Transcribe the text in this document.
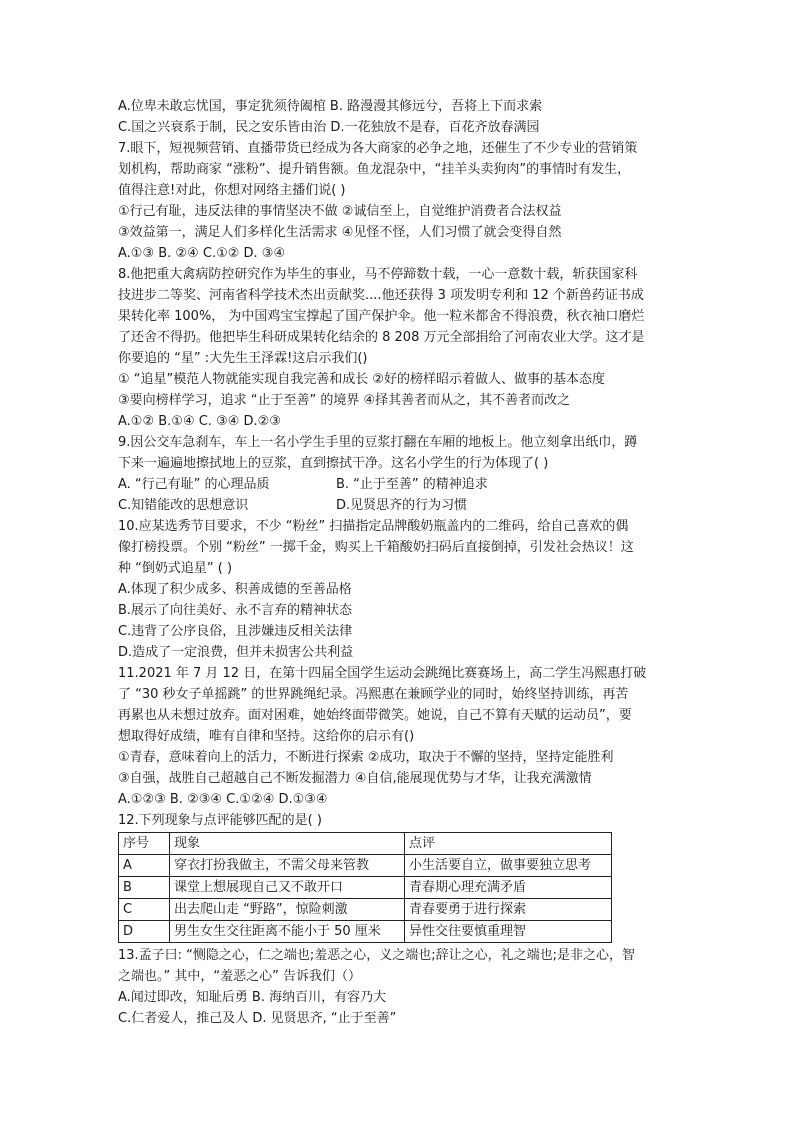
A.位卑未敢忘忧国，事定犹须待阖棺 B. 路漫漫其修远兮，吾将上下而求索
C.国之兴衰系于制，民之安乐皆由治 D.一花独放不是春，百花齐放春满园
7.眼下，短视频营销、直播带货已经成为各大商家的必争之地，还催生了不少专业的营销策
划机构，帮助商家 “涨粉”、提升销售额。鱼龙混杂中，“挂羊头卖狗肉”的事情时有发生，
值得注意!对此，你想对网络主播们说( )
①行己有耻，违反法律的事情坚决不做 ②诚信至上，自觉维护消费者合法权益
③效益第一，满足人们多样化生活需求 ④见怪不怪，人们习惯了就会变得自然
A.①③ B. ②④ C.①② D. ③④
8.他把重大禽病防控研究作为毕生的事业，马不停蹄数十载，一心一意数十载，斩获国家科
技进步二等奖、河南省科学技术杰出贡献奖....他还获得 3 项发明专利和 12 个新兽药证书成
果转化率 100%， 为中国鸡宝宝撑起了国产保护伞。他一粒米都舍不得浪费，秋衣袖口磨烂
了还舍不得扔。他把毕生科研成果转化结余的 8 208 万元全部捐给了河南农业大学。这才是
你要追的 “星” :大先生王泽霖!这启示我们()
① “追星”模范人物就能实现自我完善和成长 ②好的榜样昭示着做人、做事的基本态度
③要向榜样学习，追求 “止于至善” 的境界 ④择其善者而从之，其不善者而改之
A.①② B.①④ C. ③④ D.②③
9.因公交车急刹车，车上一名小学生手里的豆浆打翻在车厢的地板上。他立刻拿出纸巾，蹲
下来一遍遍地擦拭地上的豆浆，直到擦拭干净。这名小学生的行为体现了( )
A. “行己有耻” 的心理品质	B. “止于至善” 的精神追求
C.知错能改的思想意识	D.见贤思齐的行为习惯
10.应某选秀节目要求，不少 “粉丝” 扫描指定品牌酸奶瓶盖内的二维码，给自己喜欢的偶
像打榜投票。个别 “粉丝” 一掷千金，购买上千箱酸奶扫码后直接倒掉，引发社会热议！这
种 “倒奶式追星” ( )
A.体现了积少成多、积善成德的至善品格
B.展示了向往美好、永不言弃的精神状态
C.违背了公序良俗，且涉嫌违反相关法律
D.造成了一定浪费，但并未损害公共利益
11.2021 年 7 月 12 日，在第十四届全国学生运动会跳绳比赛赛场上，高二学生冯熙惠打破
了 “30 秒女子单摇跳” 的世界跳绳纪录。冯熙惠在兼顾学业的同时，始终坚持训练，再苦
再累也从未想过放弃。面对困难，她始终面带微笑。她说，自己不算有天赋的运动员”，要
想取得好成绩，唯有自律和坚持。这给你的启示有()
①青春，意味着向上的活力，不断进行探索 ②成功，取决于不懈的坚持，坚持定能胜利
③自强，战胜自己超越自己不断发掘潜力 ④自信,能展现优势与才华，让我充满激情
A.①②③ B. ②③④ C.①②④ D.①③④
12.下列现象与点评能够匹配的是( )
序号	现象	点评
A	穿衣打扮我做主，不需父母来管教	小生活要自立，做事要独立思考
B	课堂上想展现自己又不敢开口	青春期心理充满矛盾
C	出去爬山走 “野路”，惊险刺激	青春要勇于进行探索
D	男生女生交往距离不能小于 50 厘米	异性交往要慎重理智
13.孟子曰: “恻隐之心，仁之端也;羞恶之心，义之端也;辞让之心，礼之端也;是非之心，智
之端也。” 其中，“羞恶之心” 告诉我们（）
A.闻过即改，知耻后勇 B. 海纳百川，有容乃大
C.仁者爱人，推己及人 D. 见贤思齐, “止于至善”
